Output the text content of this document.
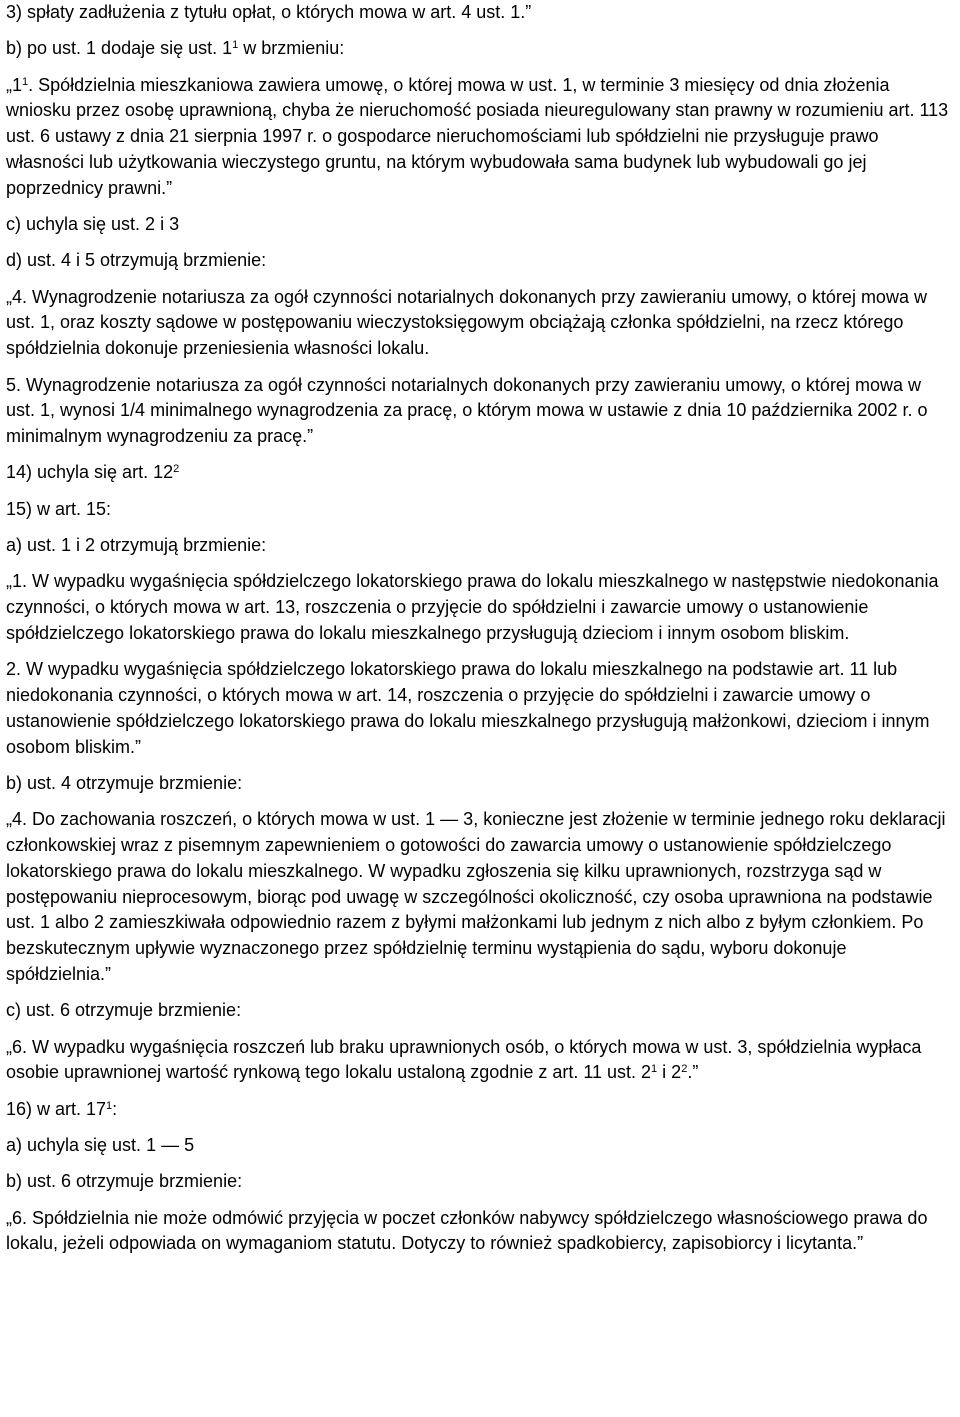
3) spłaty zadłużenia z tytułu opłat, o których mowa w art. 4 ust. 1.”

b) po ust. 1 dodaje się ust. $1^1$ w brzmieniu:

$„1^1$. Spółdzielnia mieszkaniowa zawiera umowę, o której mowa w ust. 1, w terminie 3 miesięcy od dnia złożenia wniosku przez osobę uprawnioną, chyba że nieruchomość posiada nieuregulowany stan prawny w rozumieniu art. 113 ust. 6 ustawy z dnia 21 sierpnia 1997 r. o gospodarce nieruchomościami lub spółdzielni nie przysługuje prawo własności lub użytkowania wieczystego gruntu, na którym wybudowała sama budynek lub wybudowali go jej poprzednicy prawni.”

c) uchyla się ust. 2 i 3

d) ust. 4 i 5 otrzymują brzmienie:

„4. Wynagrodzenie notariusza za ogół czynności notarialnych dokonanych przy zawieraniu umowy, o której mowa w ust. 1, oraz koszty sądowe w postępowaniu wieczystoksięgowym obciążają członka spółdzielni, na rzecz którego spółdzielnia dokonuje przeniesienia własności lokalu.

5. Wynagrodzenie notariusza za ogół czynności notarialnych dokonanych przy zawieraniu umowy, o której mowa w ust. 1, wynosi 1/4 minimalnego wynagrodzenia za pracę, o którym mowa w ustawie z dnia 10 października 2002 r. o minimalnym wynagrodzeniu za pracę.”

14) uchyla się art. $12^2$

15) w art. 15:

a) ust. 1 i 2 otrzymują brzmienie:

„1. W wypadku wygaśnięcia spółdzielczego lokatorskiego prawa do lokalu mieszkalnego w następstwie niedokonania czynności, o których mowa w art. 13, roszczenia o przyjęcie do spółdzielni i zawarcie umowy o ustanowienie spółdzielczego lokatorskiego prawa do lokalu mieszkalnego przysługują dzieciom i innym osobom bliskim.

2. W wypadku wygaśnięcia spółdzielczego lokatorskiego prawa do lokalu mieszkalnego na podstawie art. 11 lub niedokonania czynności, o których mowa w art. 14, roszczenia o przyjęcie do spółdzielni i zawarcie umowy o ustanowienie spółdzielczego lokatorskiego prawa do lokalu mieszkalnego przysługują małżonkowi, dzieciom i innym osobom bliskim.”

b) ust. 4 otrzymuje brzmienie:

„4. Do zachowania roszczeń, o których mowa w ust. 1 — 3, konieczne jest złożenie w terminie jednego roku deklaracji członkowskiej wraz z pisemnym zapewnieniem o gotowości do zawarcia umowy o ustanowienie spółdzielczego lokatorskiego prawa do lokalu mieszkalnego. W wypadku zgłoszenia się kilku uprawnionych, rozstrzyga sąd w postępowaniu nieprocesowym, biorąc pod uwagę w szczególności okoliczność, czy osoba uprawniona na podstawie ust. 1 albo 2 zamieszkiwała odpowiednio razem z byłymi małżonkami lub jednym z nich albo z byłym członkiem. Po bezskutecznym upływie wyznaczonego przez spółdzielnię terminu wystąpienia do sądu, wyboru dokonuje spółdzielnia.”

c) ust. 6 otrzymuje brzmienie:

„6. W wypadku wygaśnięcia roszczeń lub braku uprawnionych osób, o których mowa w ust. 3, spółdzielnia wypłaca osobie uprawnionej wartość rynkową tego lokalu ustaloną zgodnie z art. 11 ust. $2^1$ i $2^2$.”

16) w art. $17^1$:

a) uchyla się ust. 1 — 5

b) ust. 6 otrzymuje brzmienie:

„6. Spółdzielnia nie może odmówić przyjęcia w poczet członków nabywcy spółdzielczego własnościowego prawa do lokalu, jeżeli odpowiada on wymaganiom statutu. Dotyczy to również spadkobiercy, zapisobiorcy i licytanta.”
